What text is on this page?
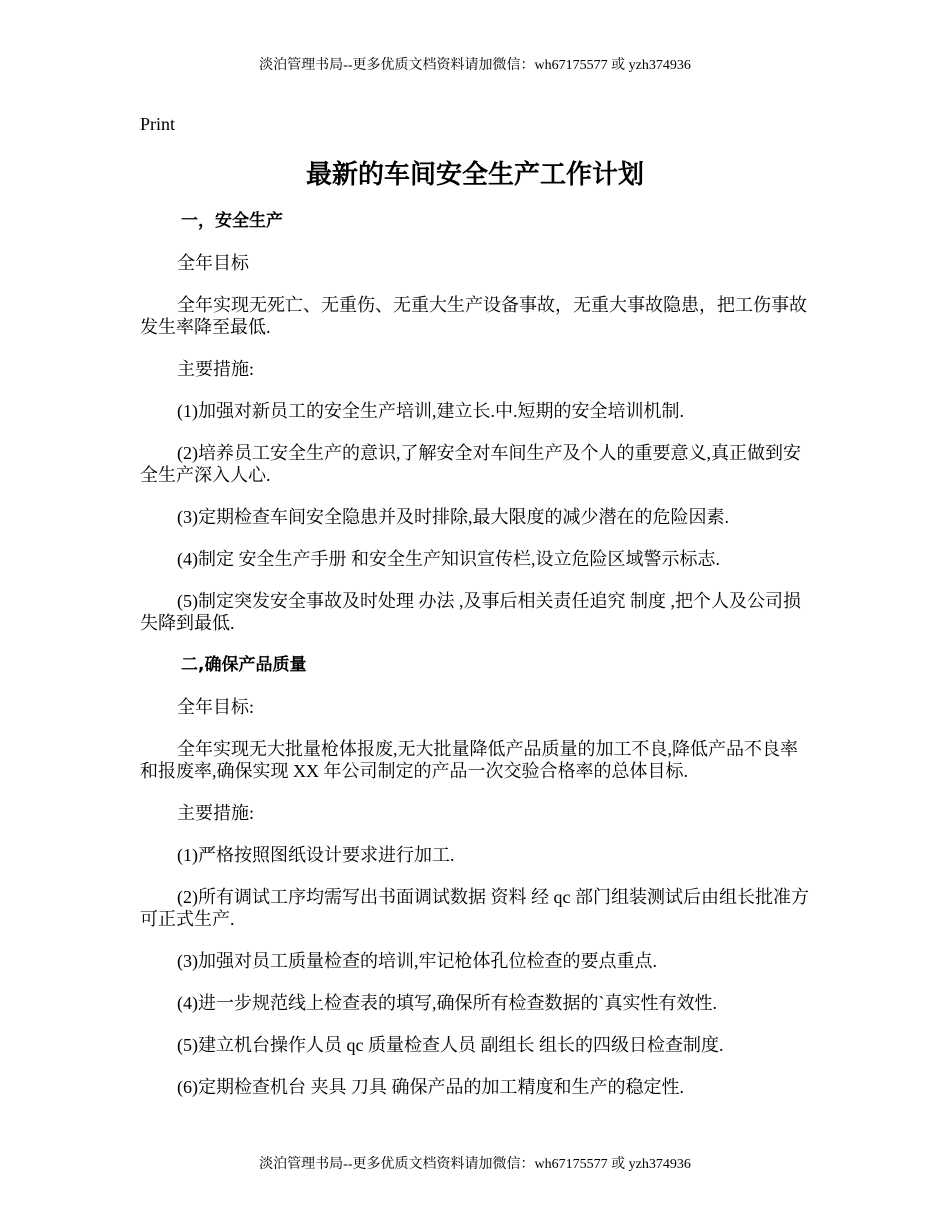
淡泊管理书局--更多优质文档资料请加微信：wh67175577 或 yzh374936
Print
最新的车间安全生产工作计划
一，安全生产

全年目标

全年实现无死亡、无重伤、无重大生产设备事故，无重大事故隐患，把工伤事故发生率降至最低.

主要措施:

(1)加强对新员工的安全生产培训,建立长.中.短期的安全培训机制.

(2)培养员工安全生产的意识,了解安全对车间生产及个人的重要意义,真正做到安全生产深入人心.

(3)定期检查车间安全隐患并及时排除,最大限度的减少潜在的危险因素.

(4)制定 安全生产手册 和安全生产知识宣传栏,设立危险区域警示标志.

(5)制定突发安全事故及时处理 办法 ,及事后相关责任追究 制度 ,把个人及公司损失降到最低.

二,确保产品质量

全年目标:

全年实现无大批量枪体报废,无大批量降低产品质量的加工不良,降低产品不良率和报废率,确保实现 XX 年公司制定的产品一次交验合格率的总体目标.

主要措施:

(1)严格按照图纸设计要求进行加工.

(2)所有调试工序均需写出书面调试数据 资料 经 qc 部门组装测试后由组长批准方可正式生产.

(3)加强对员工质量检查的培训,牢记枪体孔位检查的要点重点.

(4)进一步规范线上检查表的填写,确保所有检查数据的`真实性有效性.

(5)建立机台操作人员 qc 质量检查人员 副组长 组长的四级日检查制度.

(6)定期检查机台 夹具 刀具 确保产品的加工精度和生产的稳定性.

淡泊管理书局--更多优质文档资料请加微信：wh67175577 或 yzh374936
